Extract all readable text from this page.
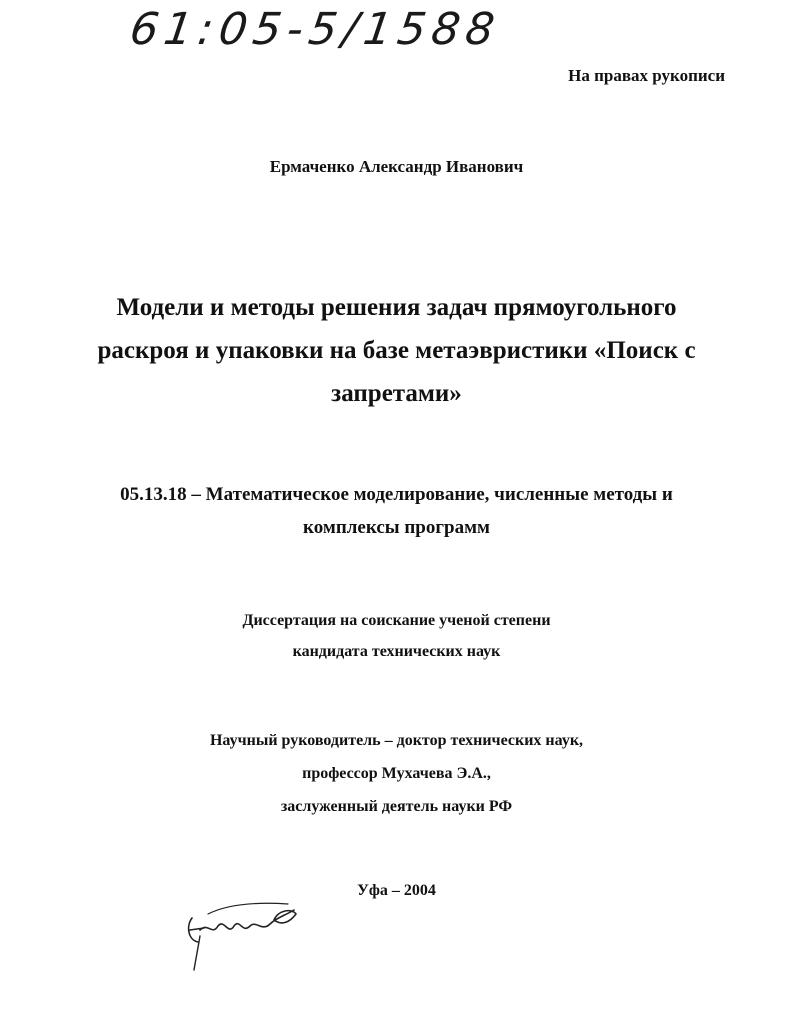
61:05-5/1588
На правах рукописи
Ермаченко Александр Иванович
Модели и методы решения задач прямоугольного
раскроя и упаковки на базе метаэвристики «Поиск с
запретами»
05.13.18 – Математическое моделирование, численные методы и
комплексы программ
Диссертация на соискание ученой степени
кандидата технических наук
Научный руководитель – доктор технических наук,
профессор Мухачева Э.А.,
заслуженный деятель науки РФ
Уфа – 2004
